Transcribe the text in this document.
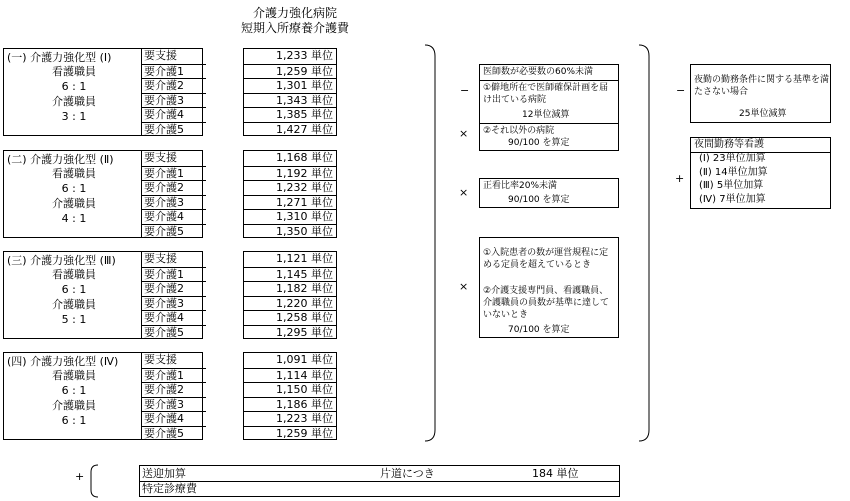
介護力強化病院
短期入所療養介護費
(一) 介護力強化型 (Ⅰ)
看護職員
6 : 1
介護職員
3 : 1
要支援
要介護1
要介護2
要介護3
要介護4
要介護5
1,233 単位
1,259 単位
1,301 単位
1,343 単位
1,385 単位
1,427 単位
(二) 介護力強化型 (Ⅱ)
看護職員
6 : 1
介護職員
4 : 1
要支援
要介護1
要介護2
要介護3
要介護4
要介護5
1,168 単位
1,192 単位
1,232 単位
1,271 単位
1,310 単位
1,350 単位
(三) 介護力強化型 (Ⅲ)
看護職員
6 : 1
介護職員
5 : 1
要支援
要介護1
要介護2
要介護3
要介護4
要介護5
1,121 単位
1,145 単位
1,182 単位
1,220 単位
1,258 単位
1,295 単位
(四) 介護力強化型 (Ⅳ)
看護職員
6 : 1
介護職員
6 : 1
要支援
要介護1
要介護2
要介護3
要介護4
要介護5
1,091 単位
1,114 単位
1,150 単位
1,186 単位
1,223 単位
1,259 単位
−
×
×
×
−
+
+
医師数が必要数の60%未満
①僻地所在で医師確保計画を届け出ている病院
12単位減算
②それ以外の病院
90/100 を算定
正看比率20%未満
90/100 を算定
①入院患者の数が運営規程に定める定員を超えているとき
②介護支援専門員、看護職員、介護職員の員数が基準に達していないとき
70/100 を算定
夜勤の勤務条件に関する基準を満たさない場合
25単位減算
夜間勤務等看護
(Ⅰ) 23単位加算
(Ⅱ) 14単位加算
(Ⅲ) 5単位加算
(Ⅳ) 7単位加算
送迎加算	片道につき	184 単位
特定診療費
